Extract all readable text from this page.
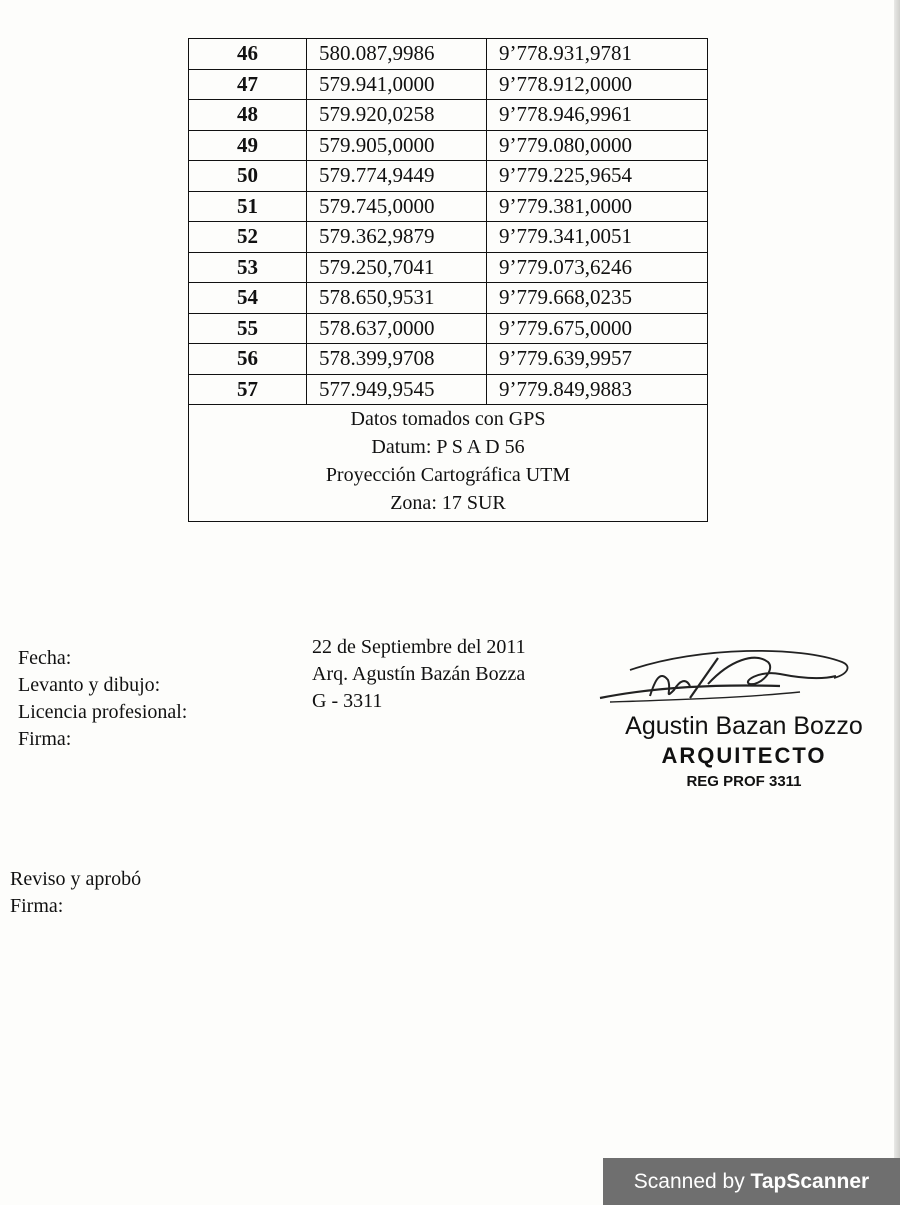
46	580.087,9986	9’778.931,9781
47	579.941,0000	9’778.912,0000
48	579.920,0258	9’778.946,9961
49	579.905,0000	9’779.080,0000
50	579.774,9449	9’779.225,9654
51	579.745,0000	9’779.381,0000
52	579.362,9879	9’779.341,0051
53	579.250,7041	9’779.073,6246
54	578.650,9531	9’779.668,0235
55	578.637,0000	9’779.675,0000
56	578.399,9708	9’779.639,9957
57	577.949,9545	9’779.849,9883
Datos tomados con GPS
Datum: P S A D 56
Proyección Cartográfica UTM
Zona: 17 SUR
Fecha:
Levanto y dibujo:
Licencia profesional:
Firma:
22 de Septiembre del 2011
Arq. Agustín Bazán Bozza
G - 3311
Agustin Bazan Bozzo
ARQUITECTO
REG PROF 3311
Reviso y aprobó
Firma:
Scanned by TapScanner
